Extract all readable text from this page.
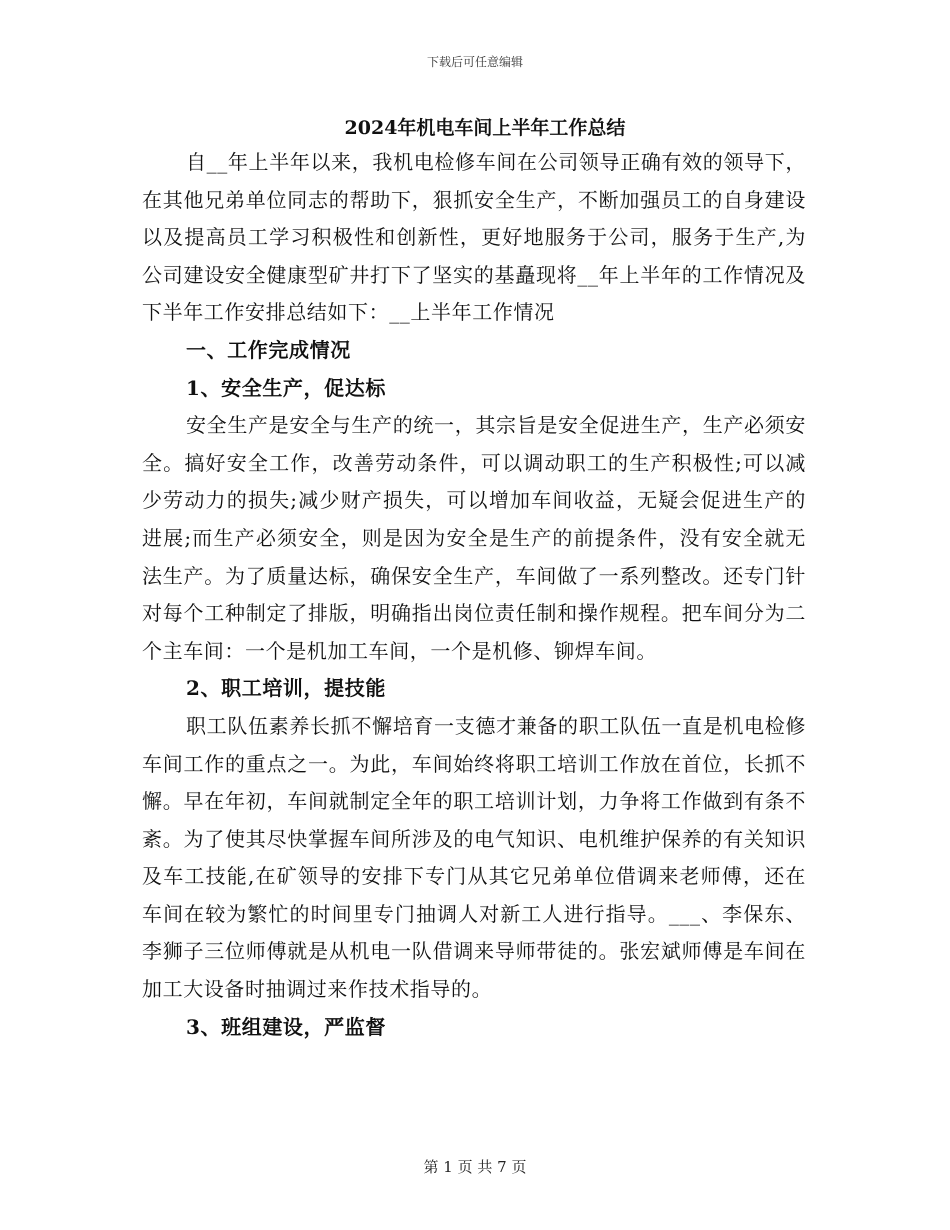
下载后可任意编辑
2024年机电车间上半年工作总结

自__年上半年以来，我机电检修车间在公司领导正确有效的领导下，在其他兄弟单位同志的帮助下，狠抓安全生产，不断加强员工的自身建设以及提高员工学习积极性和创新性，更好地服务于公司，服务于生产,为公司建设安全健康型矿井打下了坚实的基矗现将__年上半年的工作情况及下半年工作安排总结如下：__上半年工作情况

一、工作完成情况
1、安全生产，促达标

安全生产是安全与生产的统一，其宗旨是安全促进生产，生产必须安全。搞好安全工作，改善劳动条件，可以调动职工的生产积极性;可以减少劳动力的损失;减少财产损失，可以增加车间收益，无疑会促进生产的进展;而生产必须安全，则是因为安全是生产的前提条件，没有安全就无法生产。为了质量达标，确保安全生产，车间做了一系列整改。还专门针对每个工种制定了排版，明确指出岗位责任制和操作规程。把车间分为二个主车间：一个是机加工车间，一个是机修、铆焊车间。

2、职工培训，提技能

职工队伍素养长抓不懈培育一支德才兼备的职工队伍一直是机电检修车间工作的重点之一。为此，车间始终将职工培训工作放在首位，长抓不懈。早在年初，车间就制定全年的职工培训计划，力争将工作做到有条不紊。为了使其尽快掌握车间所涉及的电气知识、电机维护保养的有关知识及车工技能,在矿领导的安排下专门从其它兄弟单位借调来老师傅，还在车间在较为繁忙的时间里专门抽调人对新工人进行指导。___、李保东、李狮子三位师傅就是从机电一队借调来导师带徒的。张宏斌师傅是车间在加工大设备时抽调过来作技术指导的。

3、班组建设，严监督
第 1 页 共 7 页
